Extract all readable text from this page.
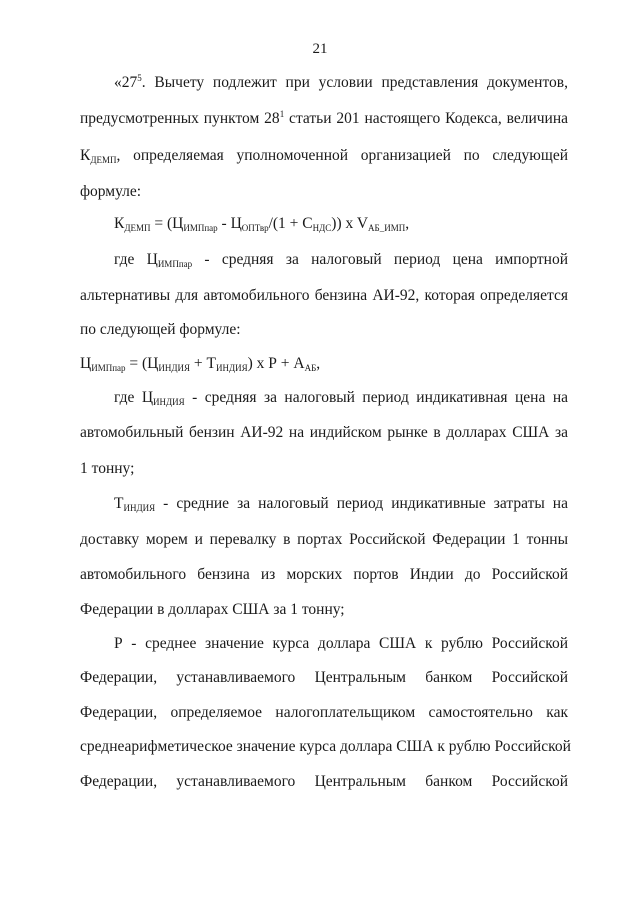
21
«$27^5$. Вычету подлежит при условии представления документов,
предусмотренных пунктом $28^1$ статьи 201 настоящего Кодекса, величина
$К_{ДЕМП}$, определяемая уполномоченной организацией по следующей
формуле:
$К_{ДЕМП} = (Ц_{ИМПпар} - Ц_{ОПТвр}/(1 + С_{НДС}))$ x $V_{АБ\_ИМП}$,
где $Ц_{ИМПпар}$ - средняя за налоговый период цена импортной
альтернативы для автомобильного бензина АИ-92, которая определяется
по следующей формуле:
$Ц_{ИМПпар} = (Ц_{ИНДИЯ} + Т_{ИНДИЯ})$ x $Р + А_{АБ}$,
где $Ц_{ИНДИЯ}$ - средняя за налоговый период индикативная цена на
автомобильный бензин АИ-92 на индийском рынке в долларах США за
1 тонну;
$Т_{ИНДИЯ}$ - средние за налоговый период индикативные затраты на
доставку морем и перевалку в портах Российской Федерации 1 тонны
автомобильного бензина из морских портов Индии до Российской
Федерации в долларах США за 1 тонну;
Р - среднее значение курса доллара США к рублю Российской
Федерации, устанавливаемого Центральным банком Российской
Федерации, определяемое налогоплательщиком самостоятельно как
среднеарифметическое значение курса доллара США к рублю Российской
Федерации, устанавливаемого Центральным банком Российской
